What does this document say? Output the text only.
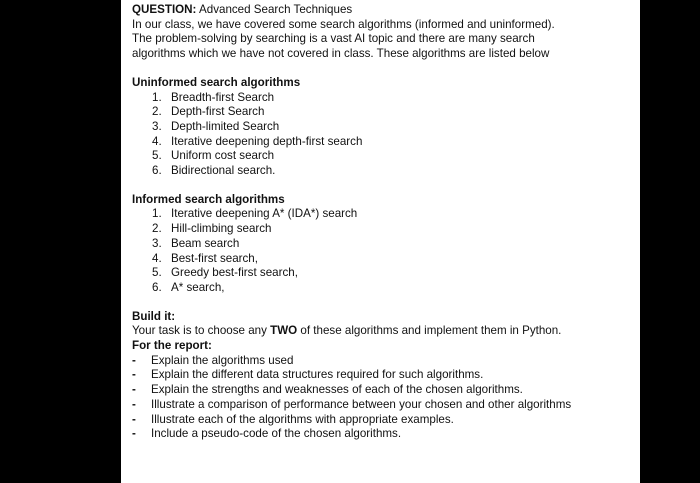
QUESTION: Advanced Search Techniques
In our class, we have covered some search algorithms (informed and uninformed).
The problem-solving by searching is a vast AI topic and there are many search
algorithms which we have not covered in class. These algorithms are listed below
Uninformed search algorithms
1. Breadth-first Search
2. Depth-first Search
3. Depth-limited Search
4. Iterative deepening depth-first search
5. Uniform cost search
6. Bidirectional search.
Informed search algorithms
1. Iterative deepening A* (IDA*) search
2. Hill-climbing search
3. Beam search
4. Best-first search,
5. Greedy best-first search,
6. A* search,
Build it:
Your task is to choose any TWO of these algorithms and implement them in Python.
For the report:
- Explain the algorithms used
- Explain the different data structures required for such algorithms.
- Explain the strengths and weaknesses of each of the chosen algorithms.
- Illustrate a comparison of performance between your chosen and other algorithms
- Illustrate each of the algorithms with appropriate examples.
- Include a pseudo-code of the chosen algorithms.
